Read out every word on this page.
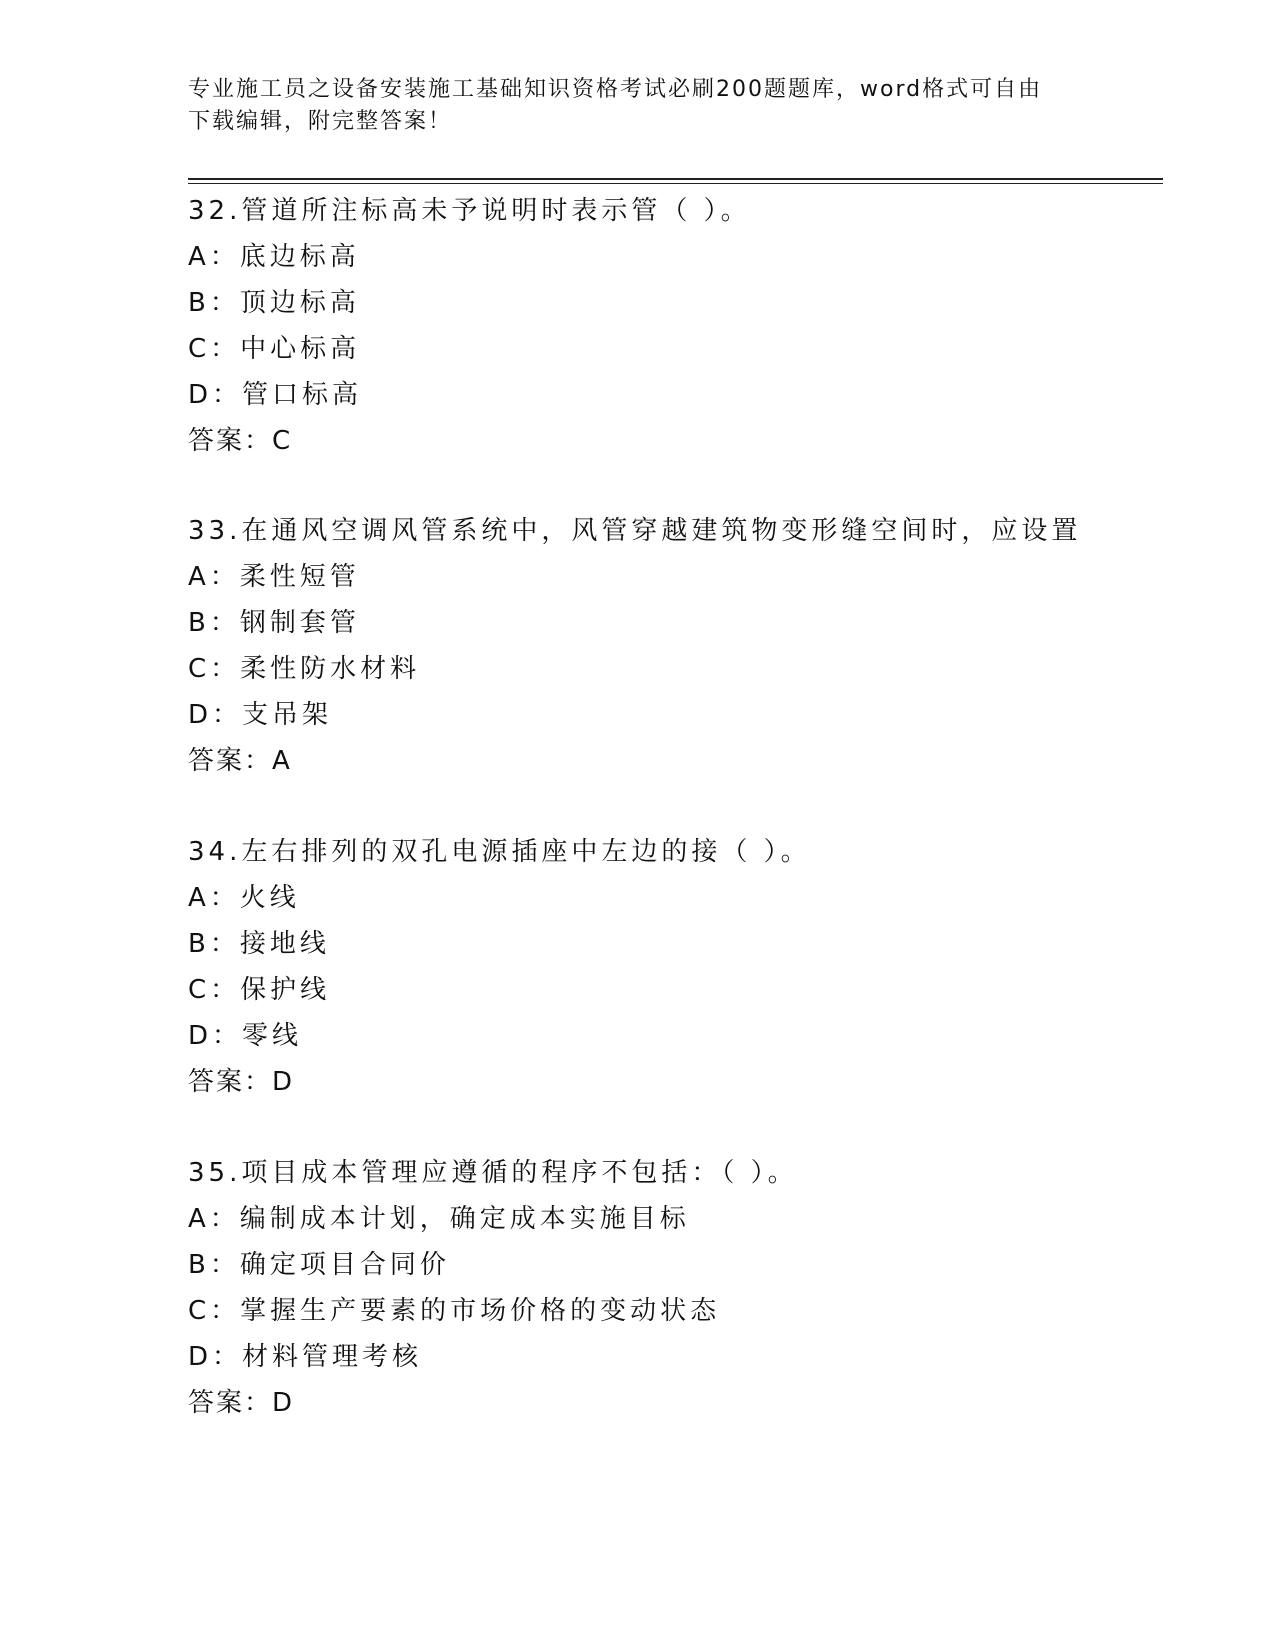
专业施工员之设备安装施工基础知识资格考试必刷200题题库，word格式可自由
下载编辑，附完整答案！
32.管道所注标高未予说明时表示管（ ）。
A：底边标高
B：顶边标高
C：中心标高
D：管口标高
答案：C
33.在通风空调风管系统中，风管穿越建筑物变形缝空间时，应设置
A：柔性短管
B：钢制套管
C：柔性防水材料
D：支吊架
答案：A
34.左右排列的双孔电源插座中左边的接（ ）。
A：火线
B：接地线
C：保护线
D：零线
答案：D
35.项目成本管理应遵循的程序不包括：（ ）。
A：编制成本计划，确定成本实施目标
B：确定项目合同价
C：掌握生产要素的市场价格的变动状态
D：材料管理考核
答案：D
